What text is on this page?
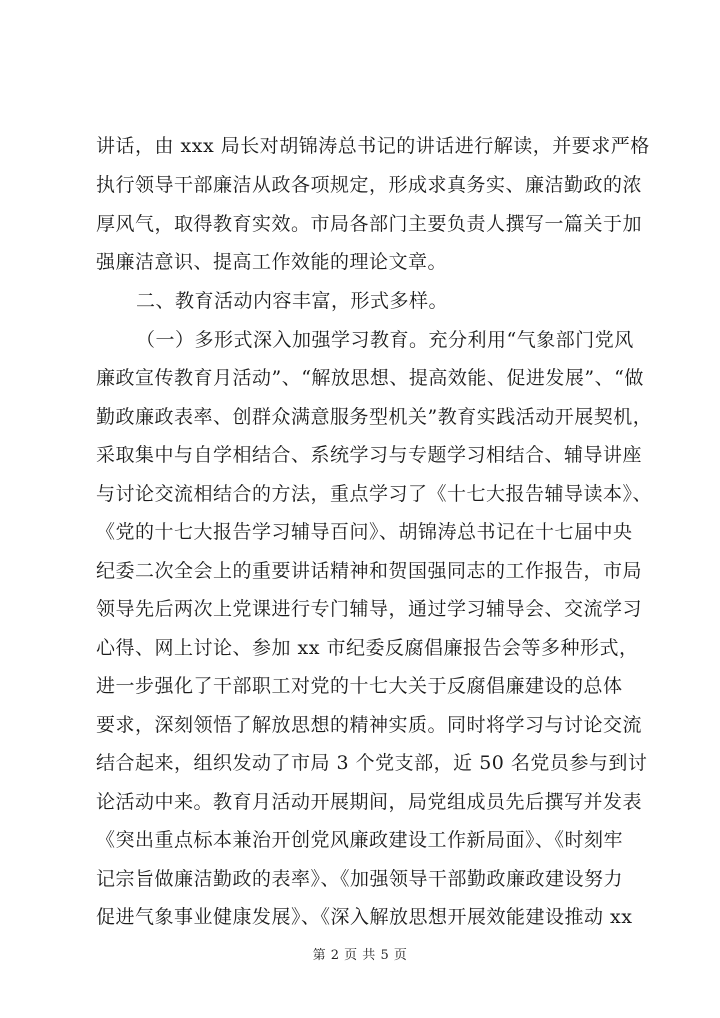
讲话，由 xxx 局长对胡锦涛总书记的讲话进行解读，并要求严格
执行领导干部廉洁从政各项规定，形成求真务实、廉洁勤政的浓
厚风气，取得教育实效。市局各部门主要负责人撰写一篇关于加
强廉洁意识、提高工作效能的理论文章。
二、教育活动内容丰富，形式多样。
（一）多形式深入加强学习教育。充分利用“气象部门党风
廉政宣传教育月活动”、“解放思想、提高效能、促进发展”、“做
勤政廉政表率、创群众满意服务型机关”教育实践活动开展契机，
采取集中与自学相结合、系统学习与专题学习相结合、辅导讲座
与讨论交流相结合的方法，重点学习了《十七大报告辅导读本》、
《党的十七大报告学习辅导百问》、胡锦涛总书记在十七届中央
纪委二次全会上的重要讲话精神和贺国强同志的工作报告，市局
领导先后两次上党课进行专门辅导，通过学习辅导会、交流学习
心得、网上讨论、参加 xx 市纪委反腐倡廉报告会等多种形式，
进一步强化了干部职工对党的十七大关于反腐倡廉建设的总体
要求，深刻领悟了解放思想的精神实质。同时将学习与讨论交流
结合起来，组织发动了市局 3 个党支部，近 50 名党员参与到讨
论活动中来。教育月活动开展期间，局党组成员先后撰写并发表
《突出重点标本兼治开创党风廉政建设工作新局面》、《时刻牢
记宗旨做廉洁勤政的表率》、《加强领导干部勤政廉政建设努力
促进气象事业健康发展》、《深入解放思想开展效能建设推动 xx
第 2 页 共 5 页
